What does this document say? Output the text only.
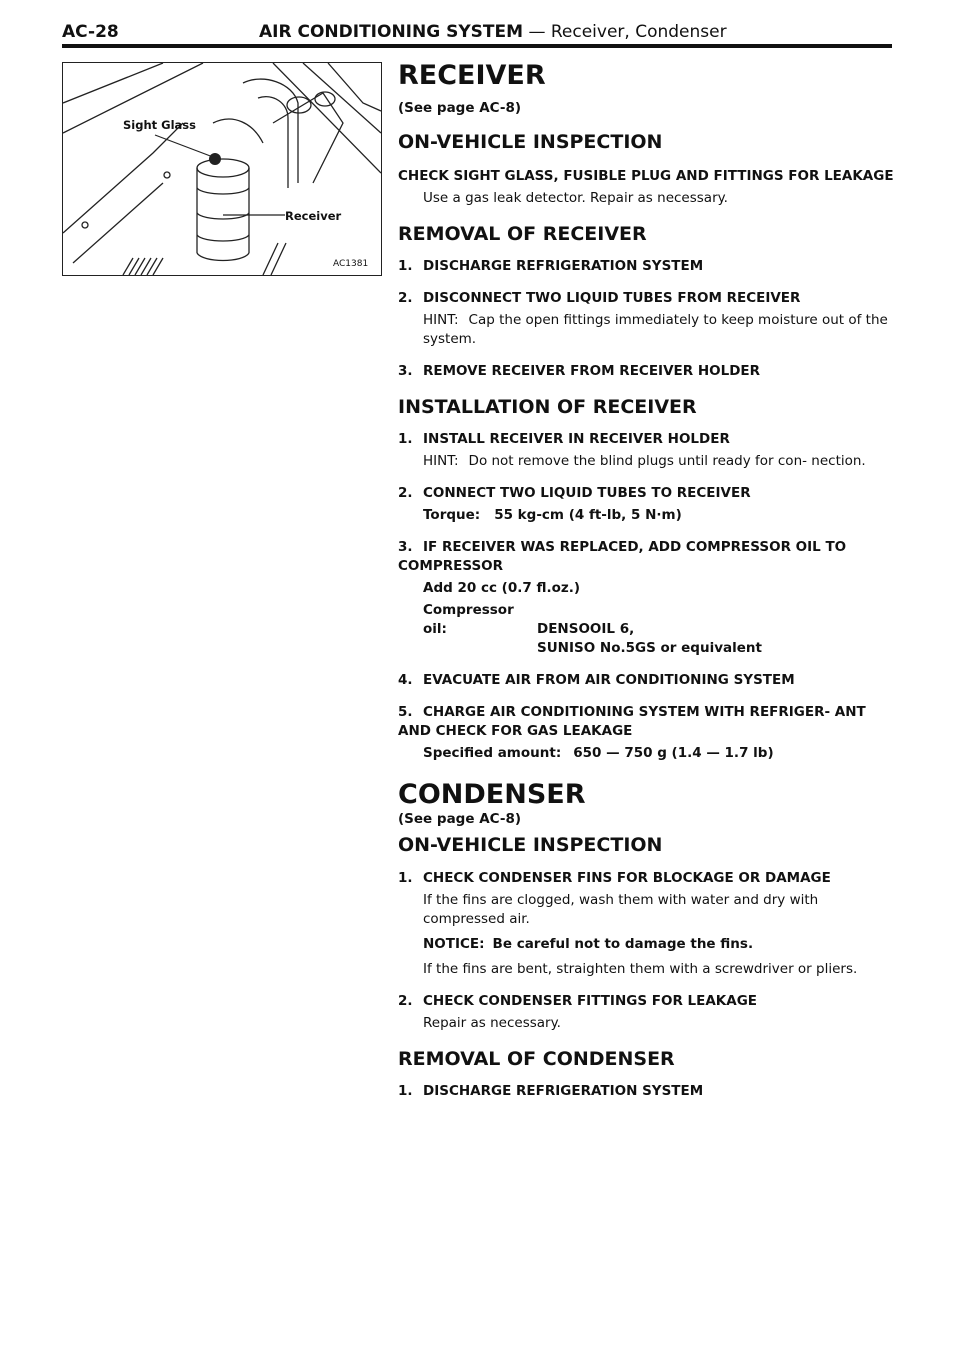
AC-28	AIR CONDITIONING SYSTEM — Receiver, Condenser
Sight Glass
Receiver
AC1381
RECEIVER
(See page AC-8)
ON-VEHICLE INSPECTION
CHECK SIGHT GLASS, FUSIBLE PLUG AND FITTINGS FOR LEAKAGE
Use a gas leak detector. Repair as necessary.
REMOVAL OF RECEIVER
1. DISCHARGE REFRIGERATION SYSTEM
2. DISCONNECT TWO LIQUID TUBES FROM RECEIVER
HINT: Cap the open fittings immediately to keep moisture out of the system.
3. REMOVE RECEIVER FROM RECEIVER HOLDER
INSTALLATION OF RECEIVER
1. INSTALL RECEIVER IN RECEIVER HOLDER
HINT: Do not remove the blind plugs until ready for con- nection.
2. CONNECT TWO LIQUID TUBES TO RECEIVER
Torque: 55 kg-cm (4 ft-lb, 5 N·m)
3. IF RECEIVER WAS REPLACED, ADD COMPRESSOR OIL TO COMPRESSOR
Add 20 cc (0.7 fl.oz.)
Compressor oil:	DENSOOIL 6,
SUNISO No.5GS or equivalent
4. EVACUATE AIR FROM AIR CONDITIONING SYSTEM
5. CHARGE AIR CONDITIONING SYSTEM WITH REFRIGER- ANT AND CHECK FOR GAS LEAKAGE
Specified amount: 650 — 750 g (1.4 — 1.7 lb)
CONDENSER
(See page AC-8)
ON-VEHICLE INSPECTION
1. CHECK CONDENSER FINS FOR BLOCKAGE OR DAMAGE
If the fins are clogged, wash them with water and dry with compressed air.
NOTICE: Be careful not to damage the fins.
If the fins are bent, straighten them with a screwdriver or pliers.
2. CHECK CONDENSER FITTINGS FOR LEAKAGE
Repair as necessary.
REMOVAL OF CONDENSER
1. DISCHARGE REFRIGERATION SYSTEM
